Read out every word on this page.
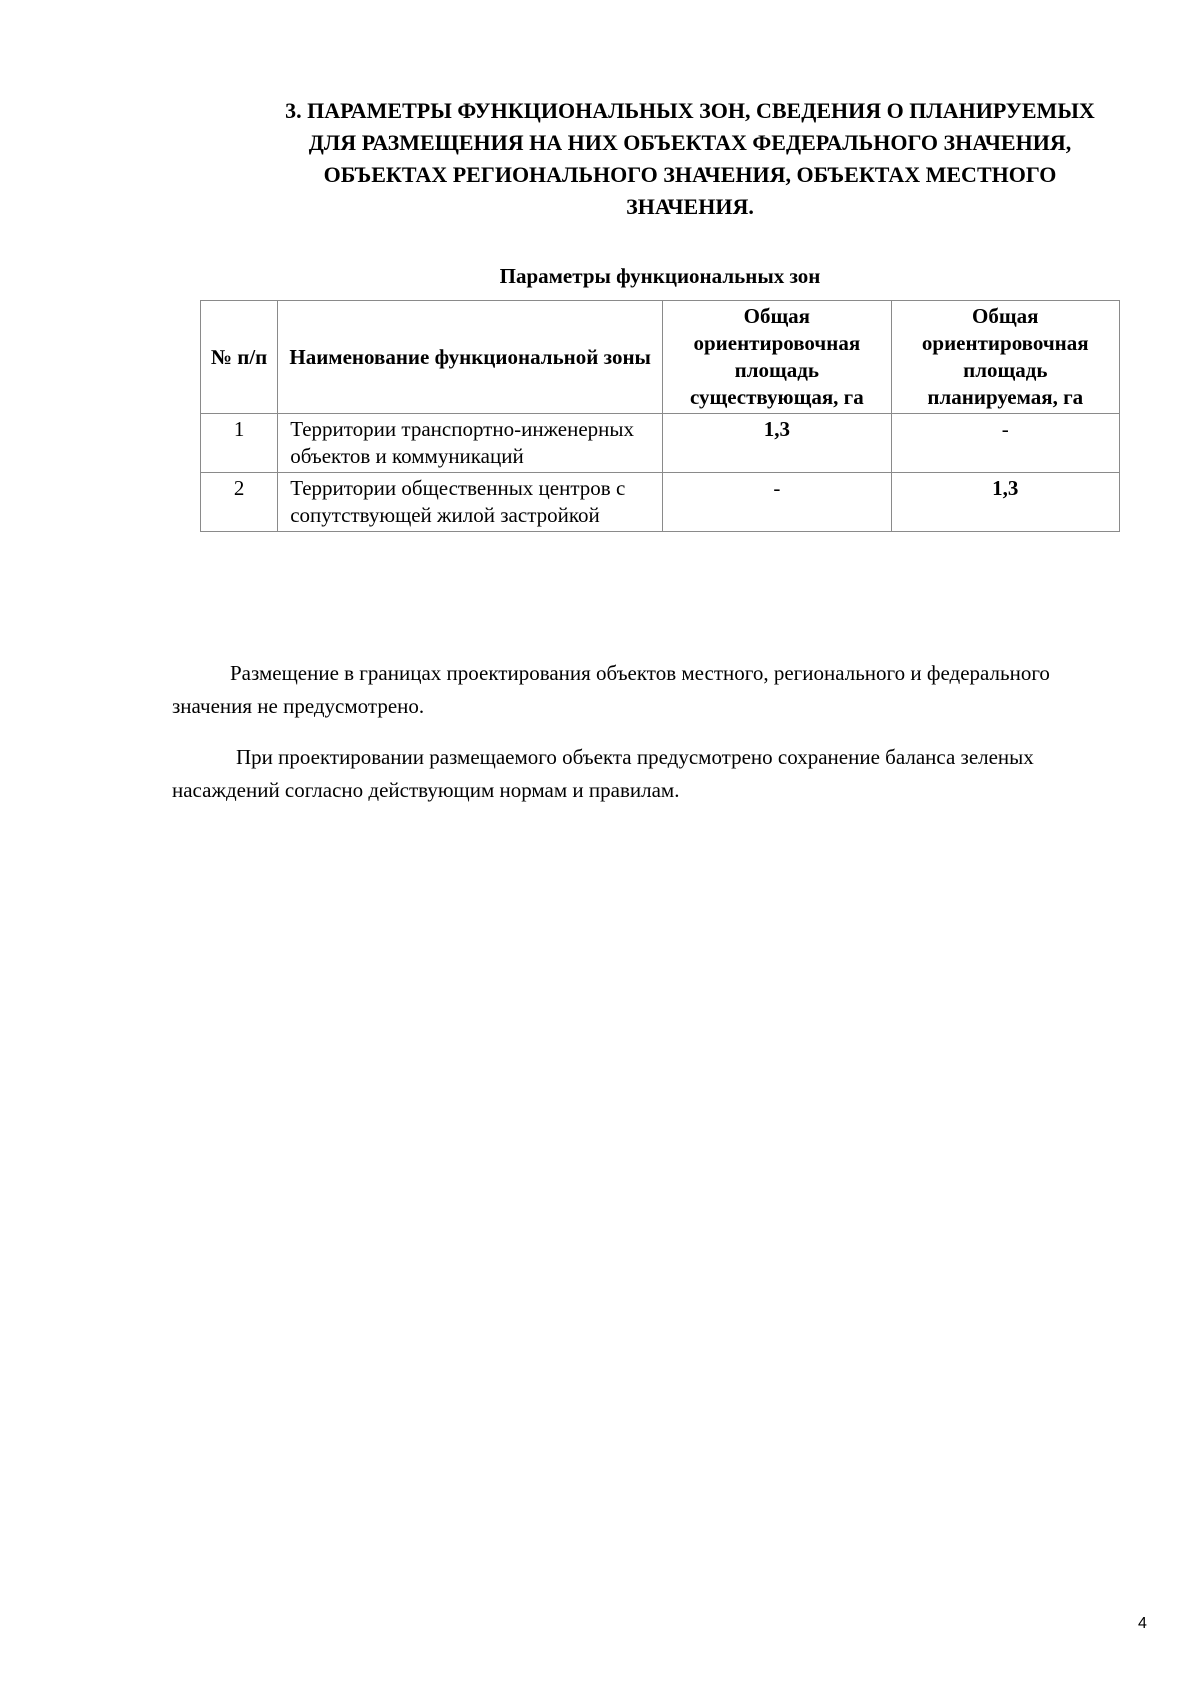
3. ПАРАМЕТРЫ ФУНКЦИОНАЛЬНЫХ ЗОН, СВЕДЕНИЯ О ПЛАНИРУЕМЫХ
ДЛЯ РАЗМЕЩЕНИЯ НА НИХ ОБЪЕКТАХ ФЕДЕРАЛЬНОГО ЗНАЧЕНИЯ,
ОБЪЕКТАХ РЕГИОНАЛЬНОГО ЗНАЧЕНИЯ, ОБЪЕКТАХ МЕСТНОГО
ЗНАЧЕНИЯ.
Параметры функциональных зон
№ п/п	Наименование функциональной зоны	Общая ориентировочная площадь существующая, га	Общая ориентировочная площадь планируемая, га
1	Территории транспортно-инженерных объектов и коммуникаций	1,3	-
2	Территории общественных центров с сопутствующей жилой застройкой	-	1,3

Размещение в границах проектирования объектов местного, регионального и федерального значения не предусмотрено.

При проектировании размещаемого объекта предусмотрено сохранение баланса зеленых насаждений согласно действующим нормам и правилам.

4
